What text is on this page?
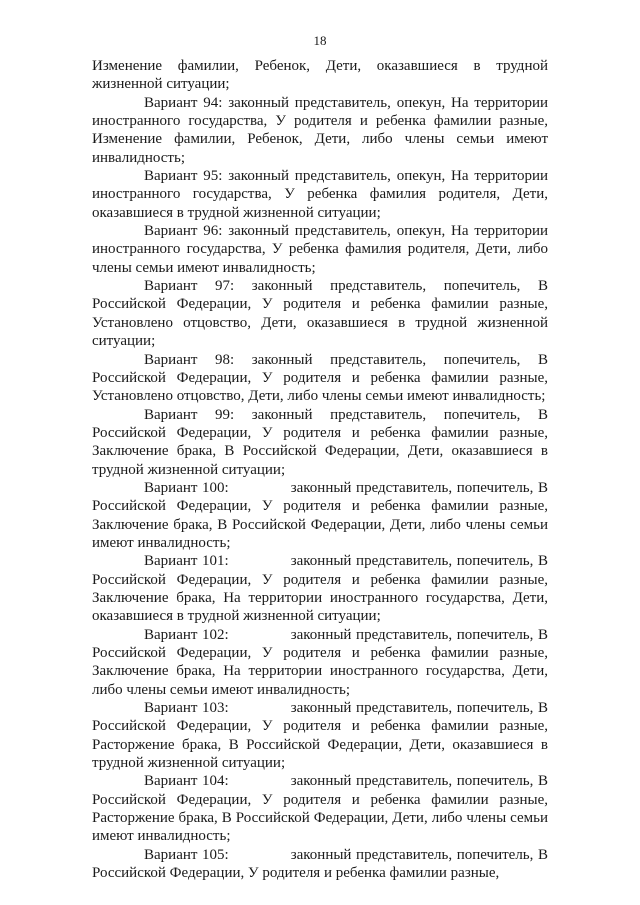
18

Изменение фамилии, Ребенок, Дети, оказавшиеся в трудной жизненной ситуации;

Вариант 94: законный представитель, опекун, На территории иностранного государства, У родителя и ребенка фамилии разные, Изменение фамилии, Ребенок, Дети, либо члены семьи имеют инвалидность;

Вариант 95: законный представитель, опекун, На территории иностранного государства, У ребенка фамилия родителя, Дети, оказавшиеся в трудной жизненной ситуации;

Вариант 96: законный представитель, опекун, На территории иностранного государства, У ребенка фамилия родителя, Дети, либо члены семьи имеют инвалидность;

Вариант 97: законный представитель, попечитель, В Российской Федерации, У родителя и ребенка фамилии разные, Установлено отцовство, Дети, оказавшиеся в трудной жизненной ситуации;

Вариант 98: законный представитель, попечитель, В Российской Федерации, У родителя и ребенка фамилии разные, Установлено отцовство, Дети, либо члены семьи имеют инвалидность;

Вариант 99: законный представитель, попечитель, В Российской Федерации, У родителя и ребенка фамилии разные, Заключение брака, В Российской Федерации, Дети, оказавшиеся в трудной жизненной ситуации;

Вариант 100:	законный представитель, попечитель, В Российской Федерации, У родителя и ребенка фамилии разные, Заключение брака, В Российской Федерации, Дети, либо члены семьи имеют инвалидность;

Вариант 101:	законный представитель, попечитель, В Российской Федерации, У родителя и ребенка фамилии разные, Заключение брака, На территории иностранного государства, Дети, оказавшиеся в трудной жизненной ситуации;

Вариант 102:	законный представитель, попечитель, В Российской Федерации, У родителя и ребенка фамилии разные, Заключение брака, На территории иностранного государства, Дети, либо члены семьи имеют инвалидность;

Вариант 103:	законный представитель, попечитель, В Российской Федерации, У родителя и ребенка фамилии разные, Расторжение брака, В Российской Федерации, Дети, оказавшиеся в трудной жизненной ситуации;

Вариант 104:	законный представитель, попечитель, В Российской Федерации, У родителя и ребенка фамилии разные, Расторжение брака, В Российской Федерации, Дети, либо члены семьи имеют инвалидность;

Вариант 105:	законный представитель, попечитель, В Российской Федерации, У родителя и ребенка фамилии разные,
